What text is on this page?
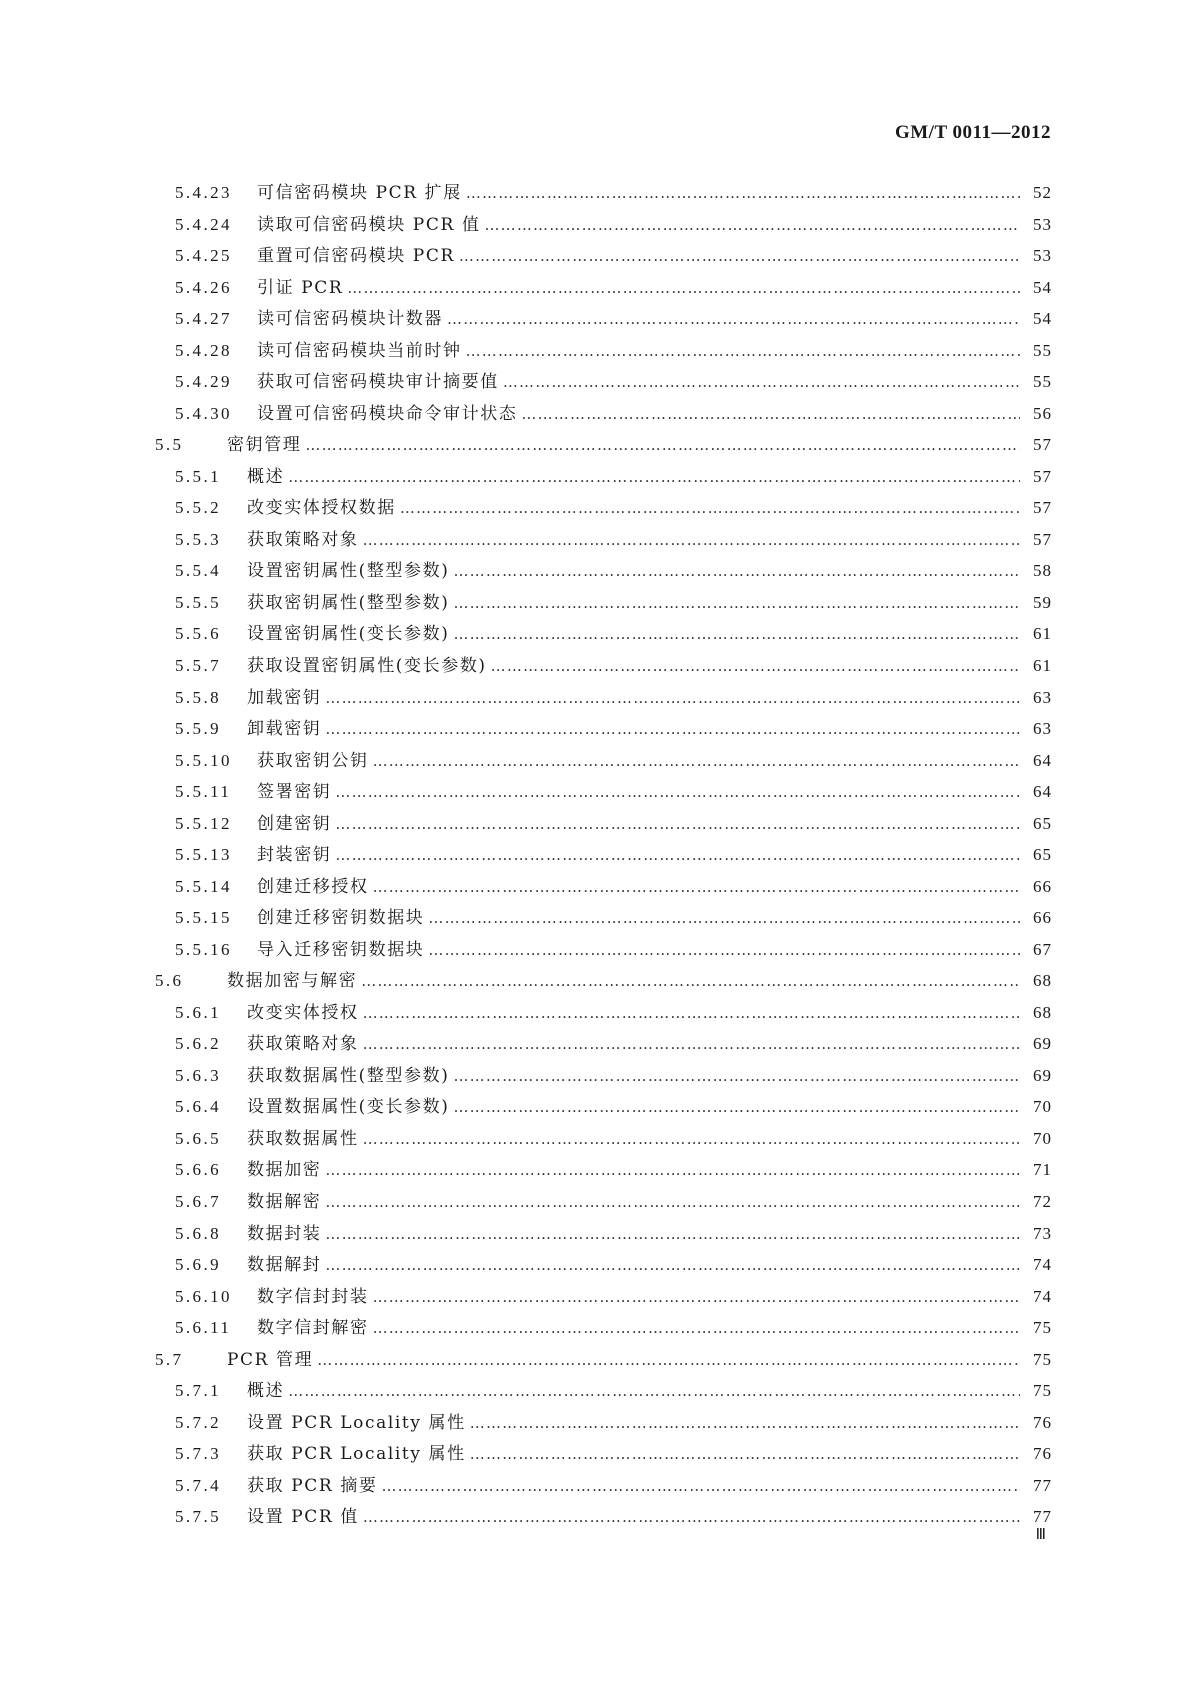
GM/T 0011—2012
5.4.23	可信密码模块 PCR 扩展 …………………………………………………………………………………………………………………………………………………………………………………………………………………………………………………………………	52
5.4.24	读取可信密码模块 PCR 值 …………………………………………………………………………………………………………………………………………………………………………………………………………………………………………………………………	53
5.4.25	重置可信密码模块 PCR …………………………………………………………………………………………………………………………………………………………………………………………………………………………………………………………………	53
5.4.26	引证 PCR …………………………………………………………………………………………………………………………………………………………………………………………………………………………………………………………………	54
5.4.27	读可信密码模块计数器 …………………………………………………………………………………………………………………………………………………………………………………………………………………………………………………………………	54
5.4.28	读可信密码模块当前时钟 …………………………………………………………………………………………………………………………………………………………………………………………………………………………………………………………………	55
5.4.29	获取可信密码模块审计摘要值 …………………………………………………………………………………………………………………………………………………………………………………………………………………………………………………………………	55
5.4.30	设置可信密码模块命令审计状态 …………………………………………………………………………………………………………………………………………………………………………………………………………………………………………………………………	56
5.5	密钥管理 …………………………………………………………………………………………………………………………………………………………………………………………………………………………………………………………………	57
5.5.1	概述 …………………………………………………………………………………………………………………………………………………………………………………………………………………………………………………………………	57
5.5.2	改变实体授权数据 …………………………………………………………………………………………………………………………………………………………………………………………………………………………………………………………………	57
5.5.3	获取策略对象 …………………………………………………………………………………………………………………………………………………………………………………………………………………………………………………………………	57
5.5.4	设置密钥属性(整型参数) …………………………………………………………………………………………………………………………………………………………………………………………………………………………………………………………………	58
5.5.5	获取密钥属性(整型参数) …………………………………………………………………………………………………………………………………………………………………………………………………………………………………………………………………	59
5.5.6	设置密钥属性(变长参数) …………………………………………………………………………………………………………………………………………………………………………………………………………………………………………………………………	61
5.5.7	获取设置密钥属性(变长参数) …………………………………………………………………………………………………………………………………………………………………………………………………………………………………………………………………	61
5.5.8	加载密钥 …………………………………………………………………………………………………………………………………………………………………………………………………………………………………………………………………	63
5.5.9	卸载密钥 …………………………………………………………………………………………………………………………………………………………………………………………………………………………………………………………………	63
5.5.10	获取密钥公钥 …………………………………………………………………………………………………………………………………………………………………………………………………………………………………………………………………	64
5.5.11	签署密钥 …………………………………………………………………………………………………………………………………………………………………………………………………………………………………………………………………	64
5.5.12	创建密钥 …………………………………………………………………………………………………………………………………………………………………………………………………………………………………………………………………	65
5.5.13	封装密钥 …………………………………………………………………………………………………………………………………………………………………………………………………………………………………………………………………	65
5.5.14	创建迁移授权 …………………………………………………………………………………………………………………………………………………………………………………………………………………………………………………………………	66
5.5.15	创建迁移密钥数据块 …………………………………………………………………………………………………………………………………………………………………………………………………………………………………………………………………	66
5.5.16	导入迁移密钥数据块 …………………………………………………………………………………………………………………………………………………………………………………………………………………………………………………………………	67
5.6	数据加密与解密 …………………………………………………………………………………………………………………………………………………………………………………………………………………………………………………………………	68
5.6.1	改变实体授权 …………………………………………………………………………………………………………………………………………………………………………………………………………………………………………………………………	68
5.6.2	获取策略对象 …………………………………………………………………………………………………………………………………………………………………………………………………………………………………………………………………	69
5.6.3	获取数据属性(整型参数) …………………………………………………………………………………………………………………………………………………………………………………………………………………………………………………………………	69
5.6.4	设置数据属性(变长参数) …………………………………………………………………………………………………………………………………………………………………………………………………………………………………………………………………	70
5.6.5	获取数据属性 …………………………………………………………………………………………………………………………………………………………………………………………………………………………………………………………………	70
5.6.6	数据加密 …………………………………………………………………………………………………………………………………………………………………………………………………………………………………………………………………	71
5.6.7	数据解密 …………………………………………………………………………………………………………………………………………………………………………………………………………………………………………………………………	72
5.6.8	数据封装 …………………………………………………………………………………………………………………………………………………………………………………………………………………………………………………………………	73
5.6.9	数据解封 …………………………………………………………………………………………………………………………………………………………………………………………………………………………………………………………………	74
5.6.10	数字信封封装 …………………………………………………………………………………………………………………………………………………………………………………………………………………………………………………………………	74
5.6.11	数字信封解密 …………………………………………………………………………………………………………………………………………………………………………………………………………………………………………………………………	75
5.7	PCR 管理 …………………………………………………………………………………………………………………………………………………………………………………………………………………………………………………………………	75
5.7.1	概述 …………………………………………………………………………………………………………………………………………………………………………………………………………………………………………………………………	75
5.7.2	设置 PCR Locality 属性 …………………………………………………………………………………………………………………………………………………………………………………………………………………………………………………………………	76
5.7.3	获取 PCR Locality 属性 …………………………………………………………………………………………………………………………………………………………………………………………………………………………………………………………………	76
5.7.4	获取 PCR 摘要 …………………………………………………………………………………………………………………………………………………………………………………………………………………………………………………………………	77
5.7.5	设置 PCR 值 …………………………………………………………………………………………………………………………………………………………………………………………………………………………………………………………………	77
Ⅲ
